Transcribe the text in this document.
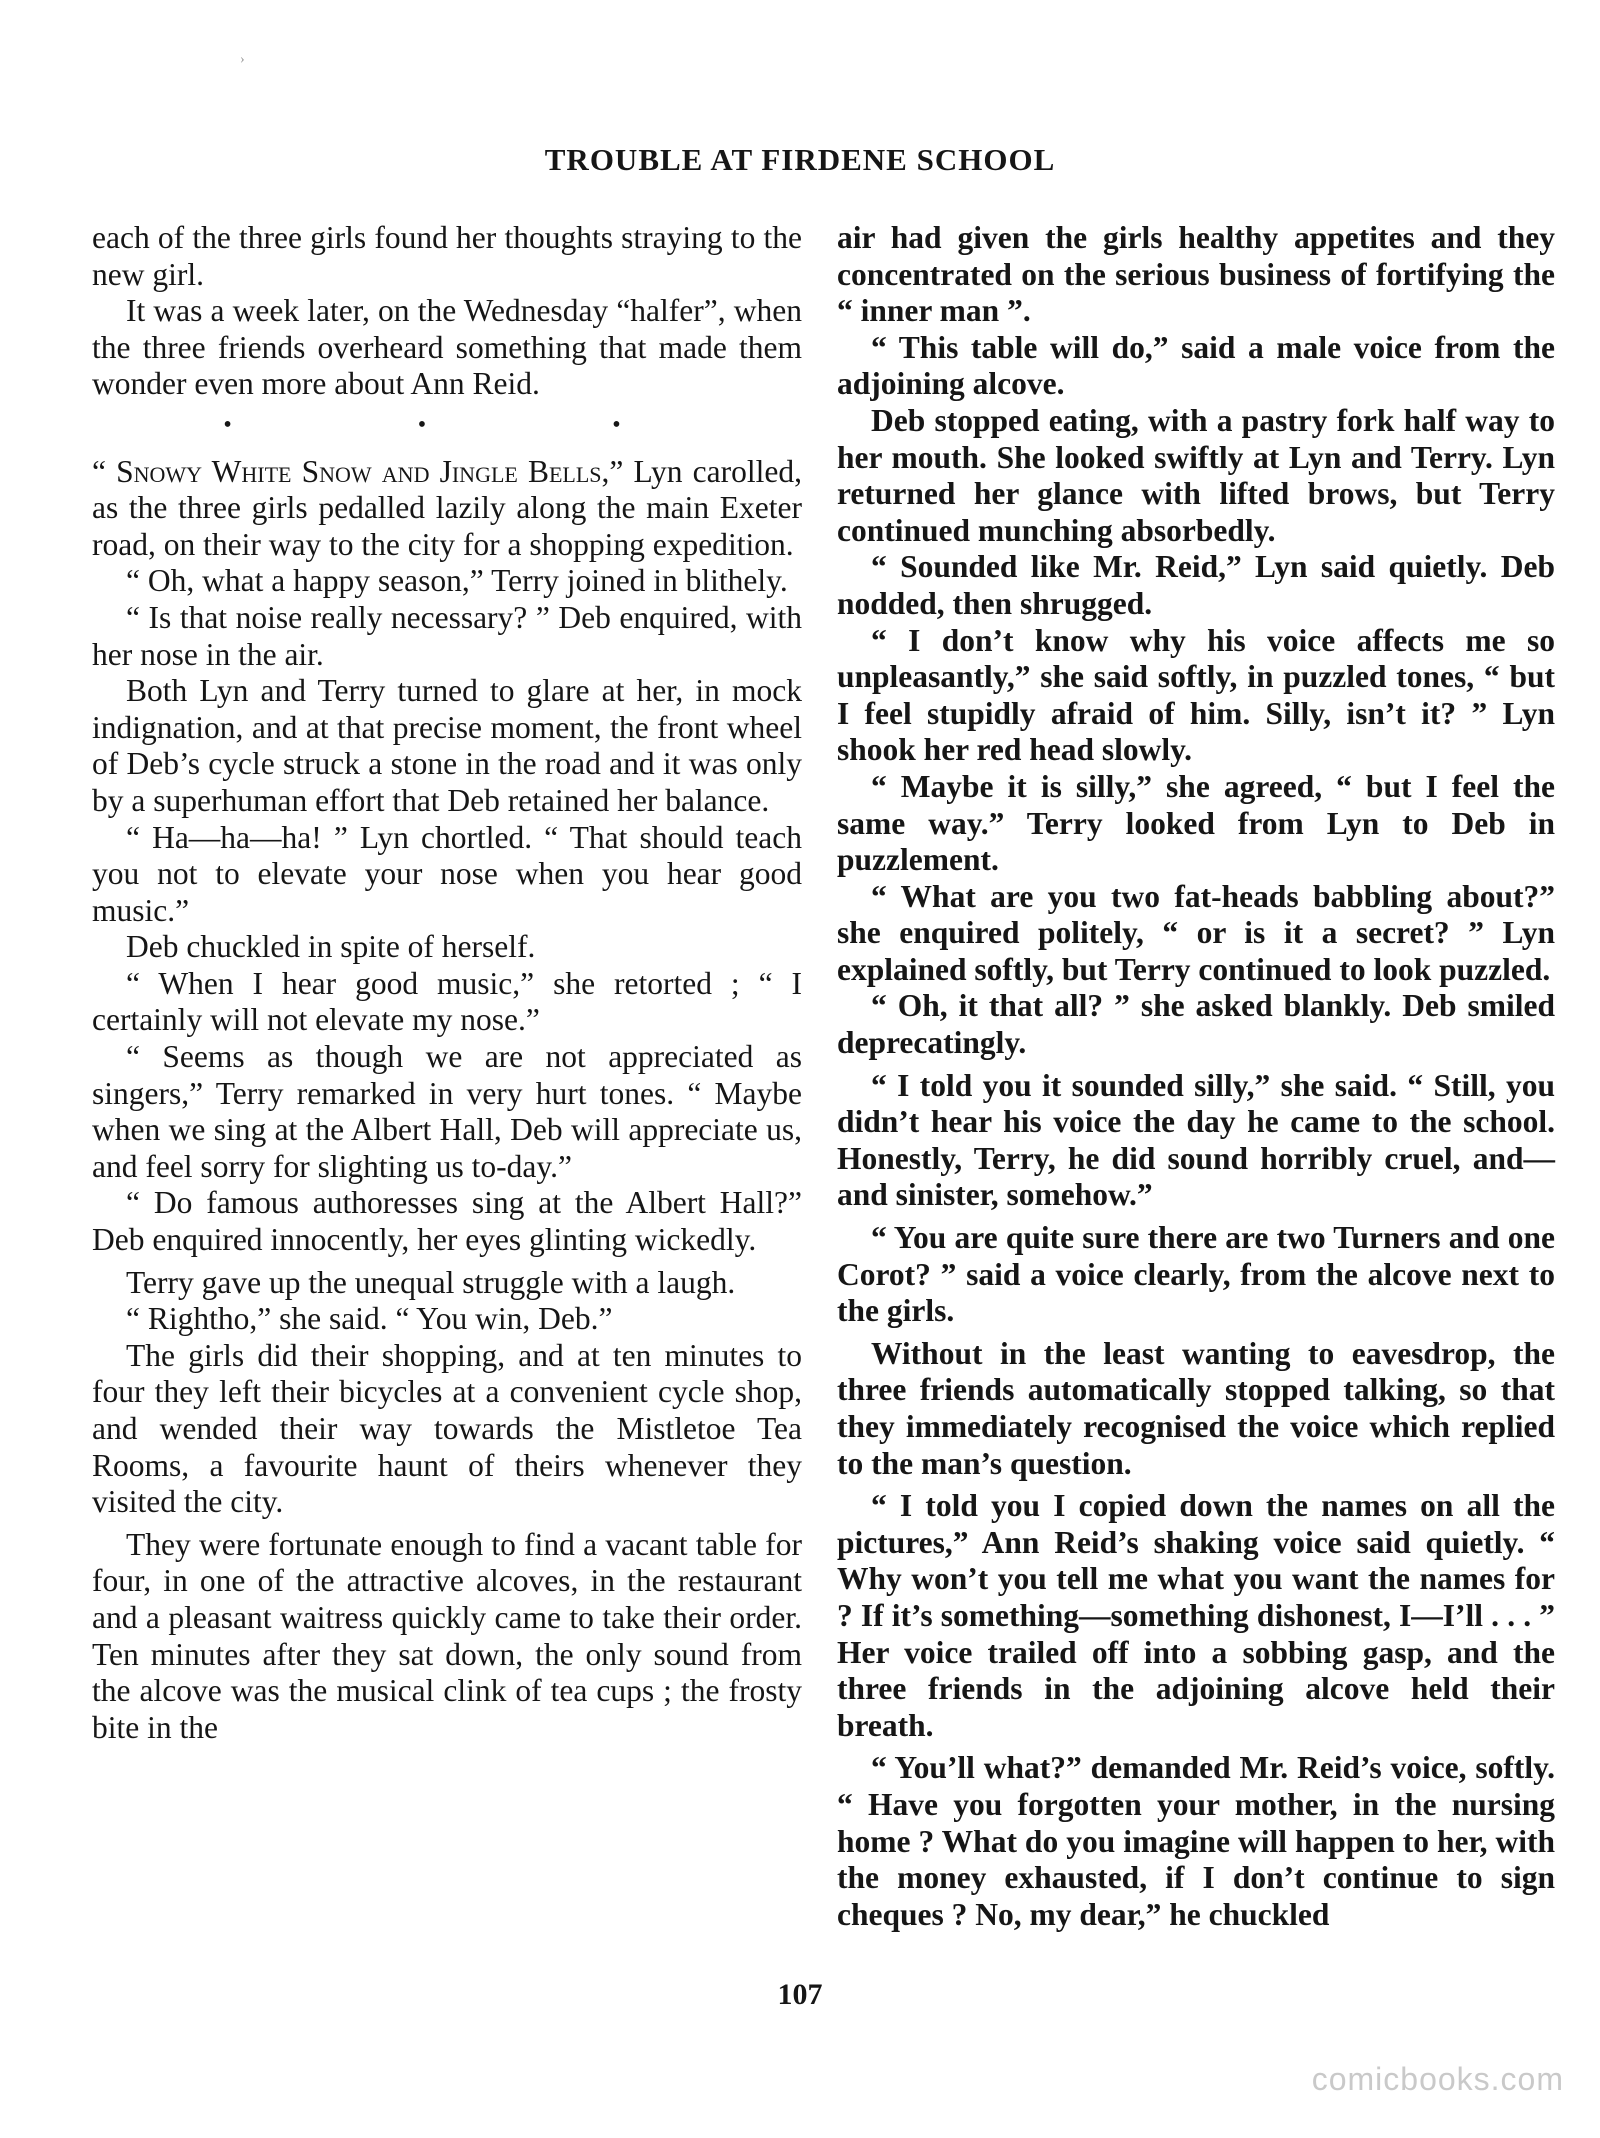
›
TROUBLE AT FIRDENE SCHOOL

each of the three girls found her thoughts straying to the new girl.

It was a week later, on the Wednesday “halfer”, when the three friends overheard something that made them wonder even more about Ann Reid.

• • •

“ Snowy White Snow and Jingle Bells,” Lyn carolled, as the three girls pedalled lazily along the main Exeter road, on their way to the city for a shopping expedition.

“ Oh, what a happy season,” Terry joined in blithely.

“ Is that noise really necessary? ” Deb enquired, with her nose in the air.

Both Lyn and Terry turned to glare at her, in mock indignation, and at that precise moment, the front wheel of Deb’s cycle struck a stone in the road and it was only by a superhuman effort that Deb retained her balance.

“ Ha—ha—ha! ” Lyn chortled. “ That should teach you not to elevate your nose when you hear good music.”

Deb chuckled in spite of herself.

“ When I hear good music,” she retorted ; “ I certainly will not elevate my nose.”

“ Seems as though we are not appreciated as singers,” Terry remarked in very hurt tones. “ Maybe when we sing at the Albert Hall, Deb will appreciate us, and feel sorry for slighting us to-day.”

“ Do famous authoresses sing at the Albert Hall?” Deb enquired innocently, her eyes glinting wickedly.

Terry gave up the unequal struggle with a laugh.

“ Rightho,” she said. “ You win, Deb.”

The girls did their shopping, and at ten minutes to four they left their bicycles at a convenient cycle shop, and wended their way towards the Mistletoe Tea Rooms, a favourite haunt of theirs whenever they visited the city.

They were fortunate enough to find a vacant table for four, in one of the attractive alcoves, in the restaurant and a pleasant waitress quickly came to take their order. Ten minutes after they sat down, the only sound from the alcove was the musical clink of tea cups ; the frosty bite in the

air had given the girls healthy appetites and they concentrated on the serious business of fortifying the “ inner man ”.

“ This table will do,” said a male voice from the adjoining alcove.

Deb stopped eating, with a pastry fork half way to her mouth. She looked swiftly at Lyn and Terry. Lyn returned her glance with lifted brows, but Terry continued munching absorbedly.

“ Sounded like Mr. Reid,” Lyn said quietly. Deb nodded, then shrugged.

“ I don’t know why his voice affects me so unpleasantly,” she said softly, in puzzled tones, “ but I feel stupidly afraid of him. Silly, isn’t it? ” Lyn shook her red head slowly.

“ Maybe it is silly,” she agreed, “ but I feel the same way.” Terry looked from Lyn to Deb in puzzlement.

“ What are you two fat-heads babbling about?” she enquired politely, “ or is it a secret? ” Lyn explained softly, but Terry continued to look puzzled.

“ Oh, it that all? ” she asked blankly. Deb smiled deprecatingly.

“ I told you it sounded silly,” she said. “ Still, you didn’t hear his voice the day he came to the school. Honestly, Terry, he did sound horribly cruel, and—and sinister, somehow.”

“ You are quite sure there are two Turners and one Corot? ” said a voice clearly, from the alcove next to the girls.

Without in the least wanting to eavesdrop, the three friends automatically stopped talking, so that they immediately recognised the voice which replied to the man’s question.

“ I told you I copied down the names on all the pictures,” Ann Reid’s shaking voice said quietly. “ Why won’t you tell me what you want the names for ? If it’s something—something dishonest, I—I’ll . . . ” Her voice trailed off into a sobbing gasp, and the three friends in the adjoining alcove held their breath.

“ You’ll what?” demanded Mr. Reid’s voice, softly. “ Have you forgotten your mother, in the nursing home ? What do you imagine will happen to her, with the money exhausted, if I don’t continue to sign cheques ? No, my dear,” he chuckled

107
comicbooks.com
